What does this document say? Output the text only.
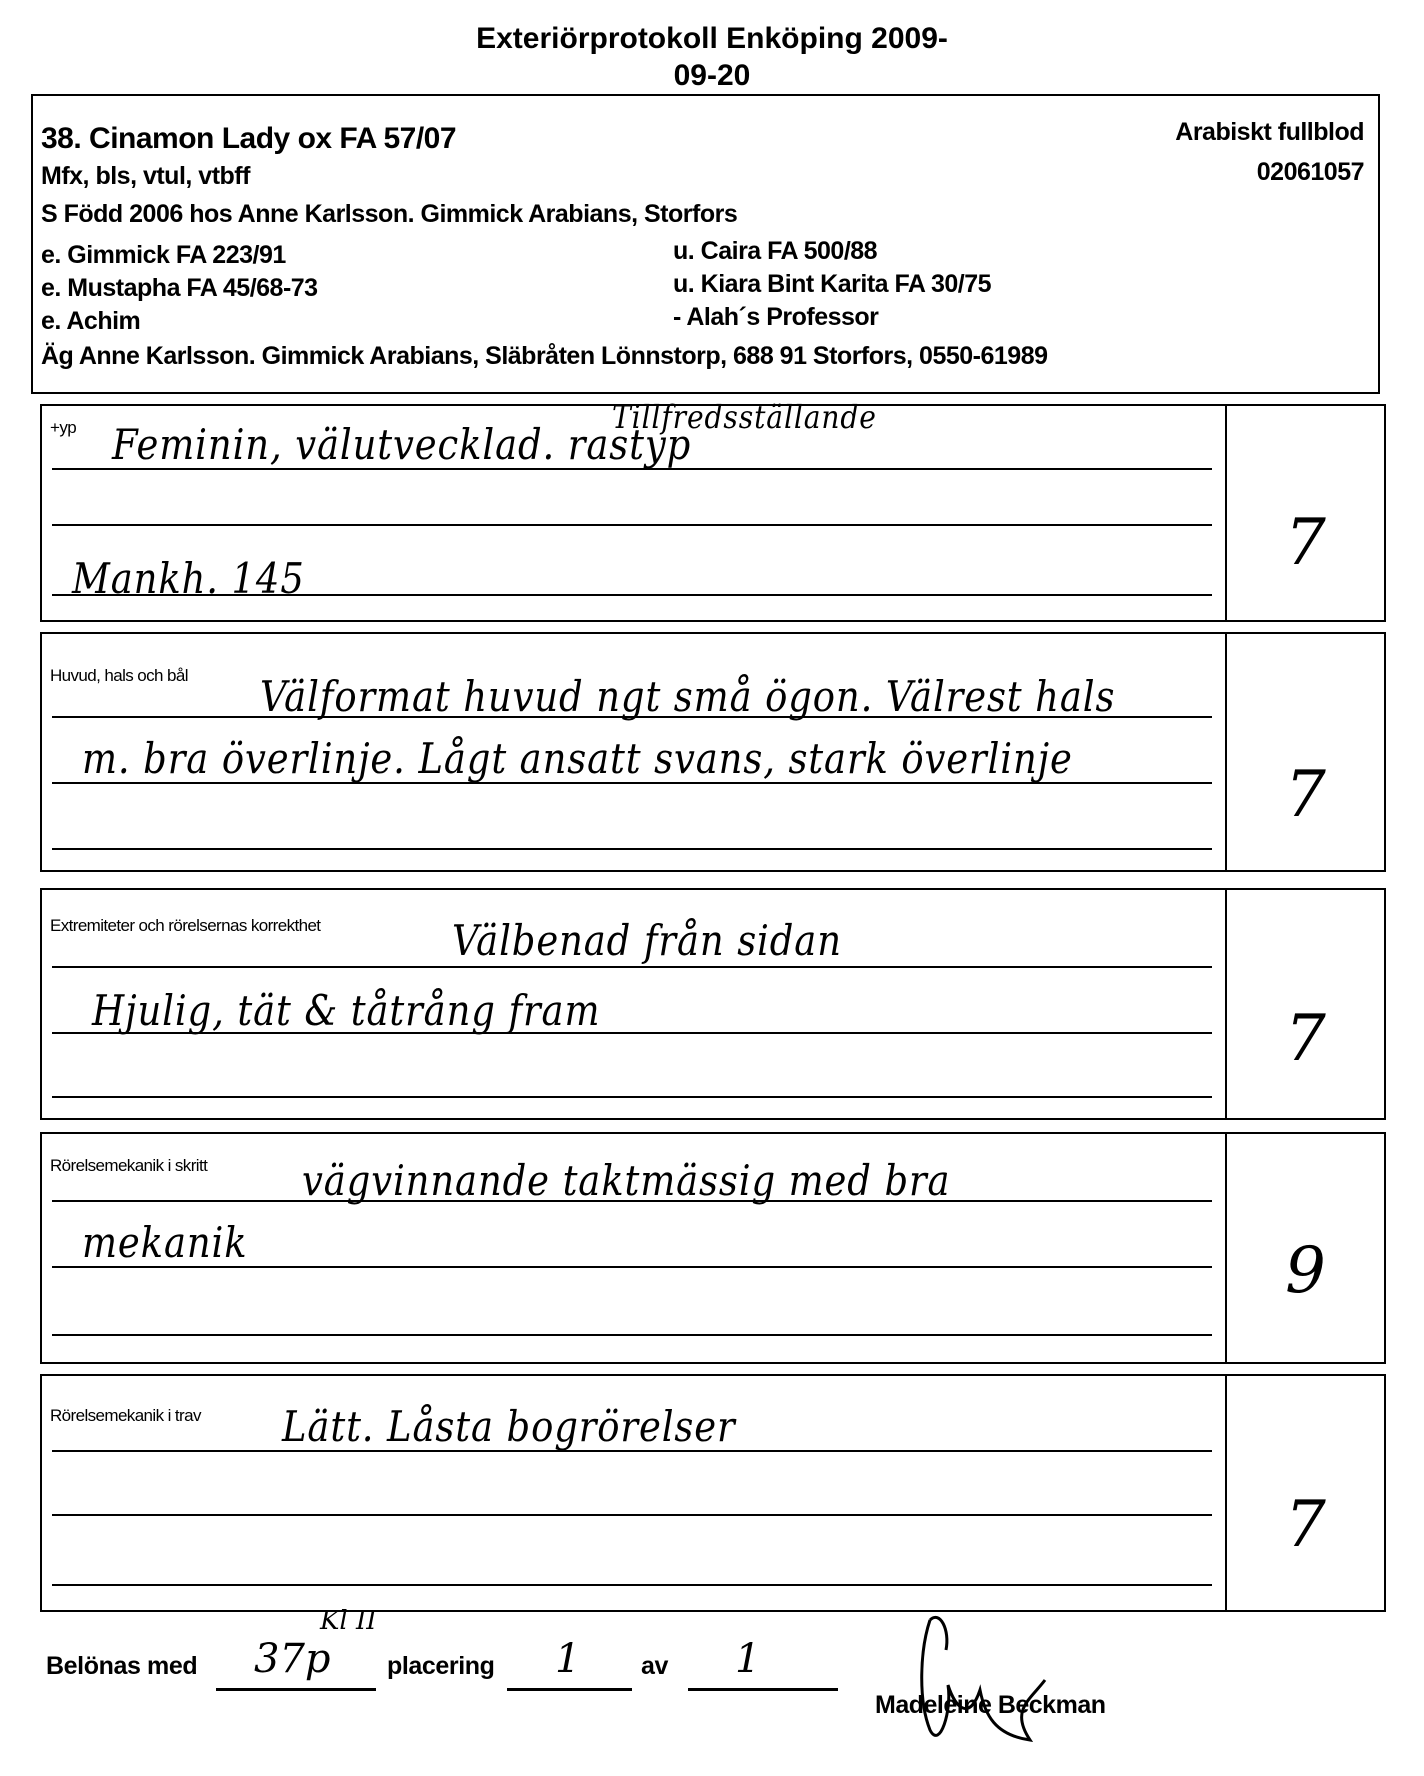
Exteriörprotokoll Enköping 2009-
09-20
38. Cinamon Lady ox FA 57/07
Mfx, bls, vtul, vtbff
Arabiskt fullblod
02061057
S Född 2006 hos Anne Karlsson. Gimmick Arabians, Storfors
e. Gimmick FA 223/91
e. Mustapha FA 45/68-73
e. Achim
u. Caira FA 500/88
u. Kiara Bint Karita FA 30/75
- Alah´s Professor
Äg Anne Karlsson. Gimmick Arabians, Släbråten Lönnstorp, 688 91 Storfors, 0550-61989
+yp	Tillfredsställande
Feminin, välutvecklad. rastyp
Mankh. 145	7
Huvud, hals och bål Välformat huvud ngt små ögon. Välrest hals
m. bra överlinje. Lågt ansatt svans, stark överlinje	7
Extremiteter och rörelsernas korrekthet	Välbenad från sidan
Hjulig, tät & tåtrång fram	7
Rörelsemekanik i skritt vägvinnande taktmässig med bra
mekanik	9
Rörelsemekanik i trav Lätt. Låsta bogrörelser
7
Belönas med 37p
Kl II
placering 1 av 1
Madeleine Beckman
